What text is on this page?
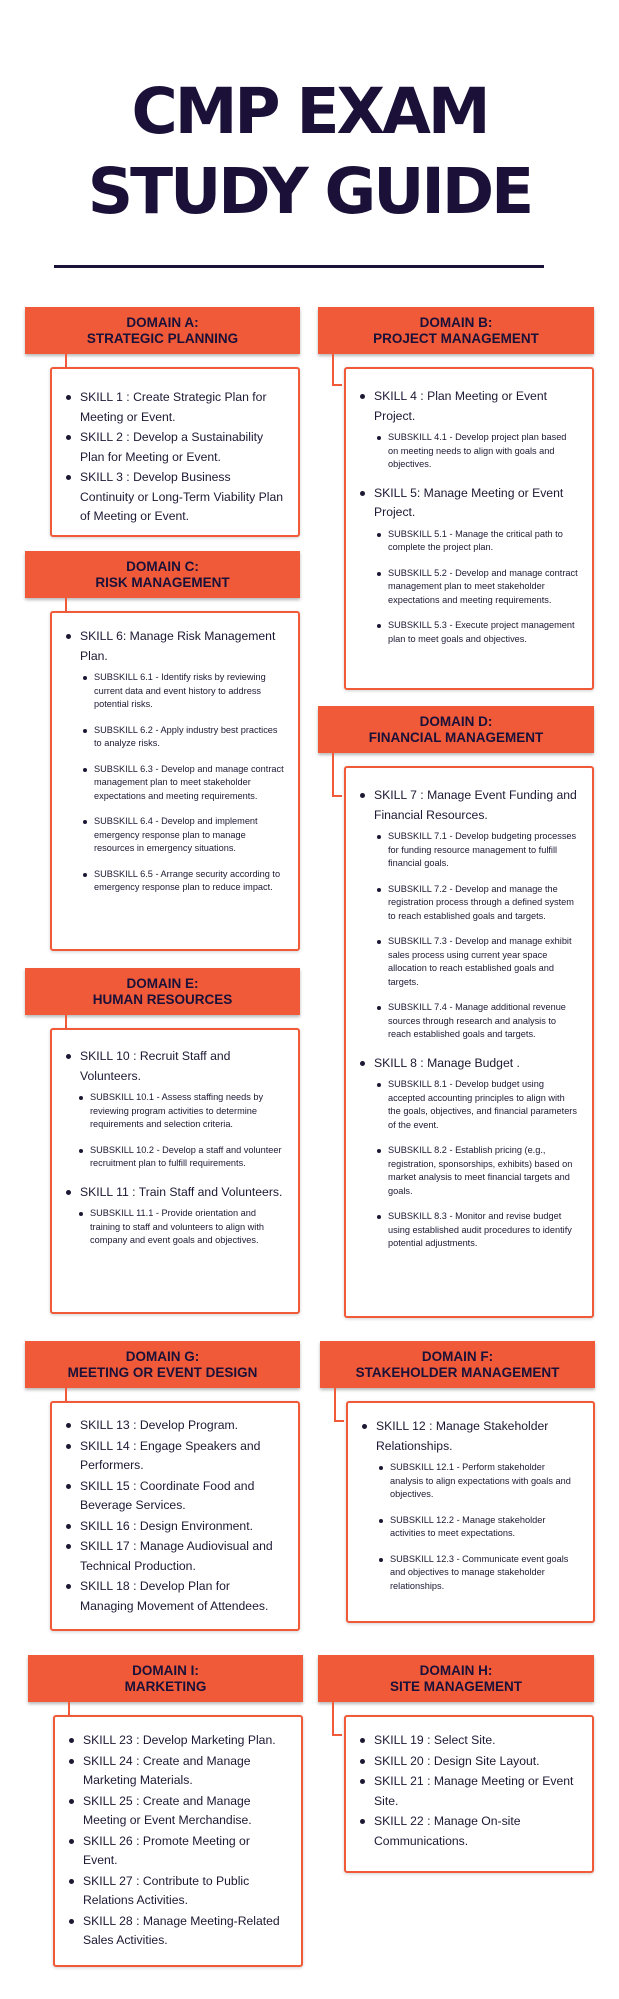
CMP EXAM
STUDY GUIDE
DOMAIN A:
STRATEGIC PLANNING
SKILL 1 : Create Strategic Plan for Meeting or Event.
SKILL 2 : Develop a Sustainability Plan for Meeting or Event.
SKILL 3 : Develop Business Continuity or Long-Term Viability Plan of Meeting or Event.
DOMAIN B:
PROJECT MANAGEMENT
SKILL 4 : Plan Meeting or Event Project.
SUBSKILL 4.1 - Develop project plan based on meeting needs to align with goals and objectives.
SKILL 5: Manage Meeting or Event Project.
SUBSKILL 5.1 - Manage the critical path to complete the project plan.
SUBSKILL 5.2 - Develop and manage contract management plan to meet stakeholder expectations and meeting requirements.
SUBSKILL 5.3 - Execute project management plan to meet goals and objectives.
DOMAIN C:
RISK MANAGEMENT
SKILL 6: Manage Risk Management Plan.
SUBSKILL 6.1 - Identify risks by reviewing current data and event history to address potential risks.
SUBSKILL 6.2 - Apply industry best practices to analyze risks.
SUBSKILL 6.3 - Develop and manage contract management plan to meet stakeholder expectations and meeting requirements.
SUBSKILL 6.4 - Develop and implement emergency response plan to manage resources in emergency situations.
SUBSKILL 6.5 - Arrange security according to emergency response plan to reduce impact.
DOMAIN D:
FINANCIAL MANAGEMENT
SKILL 7 : Manage Event Funding and Financial Resources.
SUBSKILL 7.1 - Develop budgeting processes for funding resource management to fulfill financial goals.
SUBSKILL 7.2 - Develop and manage the registration process through a defined system to reach established goals and targets.
SUBSKILL 7.3 - Develop and manage exhibit sales process using current year space allocation to reach established goals and targets.
SUBSKILL 7.4 - Manage additional revenue sources through research and analysis to reach established goals and targets.
SKILL 8 : Manage Budget .
SUBSKILL 8.1 - Develop budget using accepted accounting principles to align with the goals, objectives, and financial parameters of the event.
SUBSKILL 8.2 - Establish pricing (e.g., registration, sponsorships, exhibits) based on market analysis to meet financial targets and goals.
SUBSKILL 8.3 - Monitor and revise budget using established audit procedures to identify potential adjustments.
DOMAIN E:
HUMAN RESOURCES
SKILL 10 : Recruit Staff and Volunteers.
SUBSKILL 10.1 - Assess staffing needs by reviewing program activities to determine requirements and selection criteria.
SUBSKILL 10.2 - Develop a staff and volunteer recruitment plan to fulfill requirements.
SKILL 11 : Train Staff and Volunteers.
SUBSKILL 11.1 - Provide orientation and training to staff and volunteers to align with company and event goals and objectives.
DOMAIN G:
MEETING OR EVENT DESIGN
SKILL 13 : Develop Program.
SKILL 14 : Engage Speakers and Performers.
SKILL 15 : Coordinate Food and Beverage Services.
SKILL 16 : Design Environment.
SKILL 17 : Manage Audiovisual and Technical Production.
SKILL 18 : Develop Plan for Managing Movement of Attendees.
DOMAIN F:
STAKEHOLDER MANAGEMENT
SKILL 12 : Manage Stakeholder Relationships.
SUBSKILL 12.1 - Perform stakeholder analysis to align expectations with goals and objectives.
SUBSKILL 12.2 - Manage stakeholder activities to meet expectations.
SUBSKILL 12.3 - Communicate event goals and objectives to manage stakeholder relationships.
DOMAIN I:
MARKETING
SKILL 23 : Develop Marketing Plan.
SKILL 24 : Create and Manage Marketing Materials.
SKILL 25 : Create and Manage Meeting or Event Merchandise.
SKILL 26 : Promote Meeting or Event.
SKILL 27 : Contribute to Public Relations Activities.
SKILL 28 : Manage Meeting-Related Sales Activities.
DOMAIN H:
SITE MANAGEMENT
SKILL 19 : Select Site.
SKILL 20 : Design Site Layout.
SKILL 21 : Manage Meeting or Event Site.
SKILL 22 : Manage On-site Communications.
